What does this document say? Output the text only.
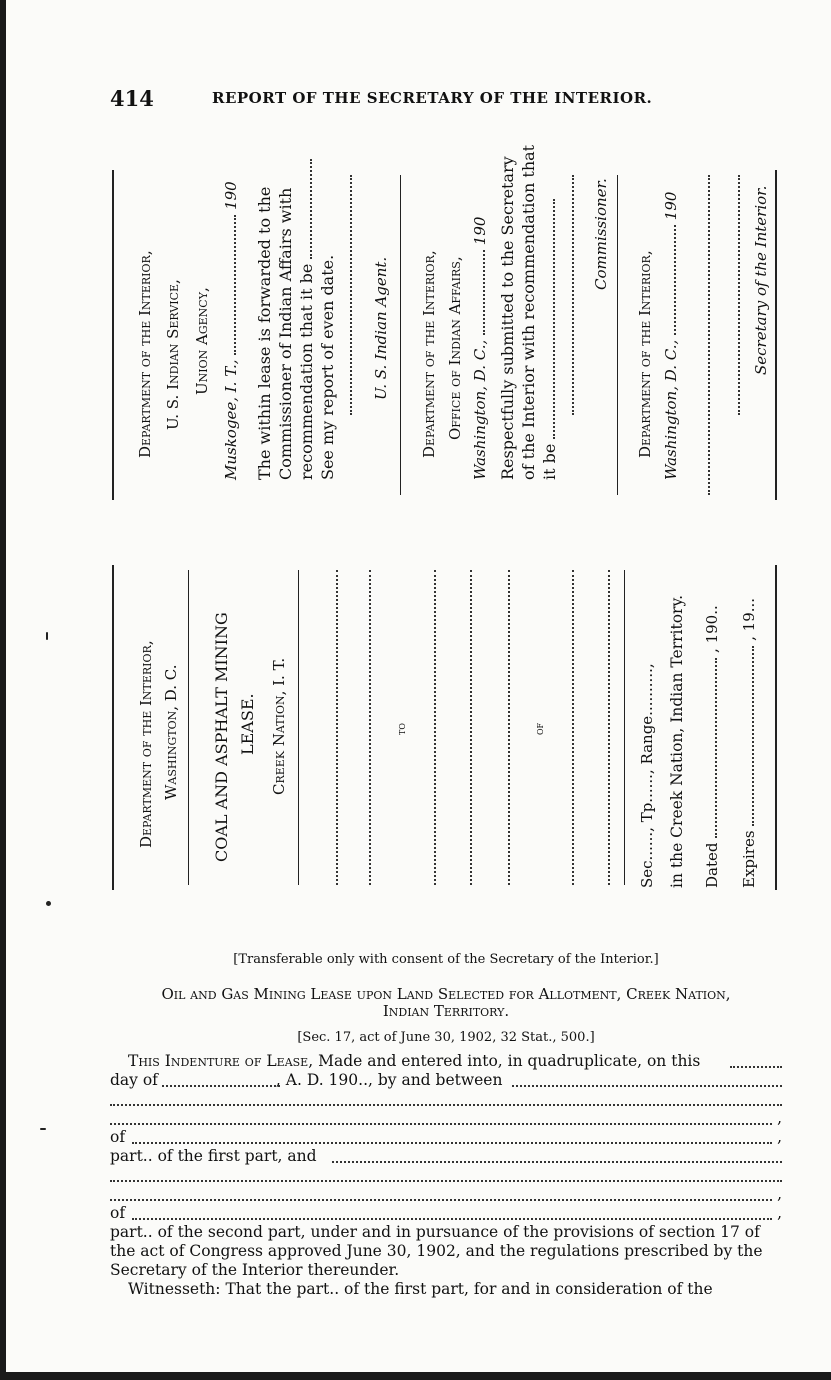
414	REPORT OF THE SECRETARY OF THE INTERIOR.
Department of the Interior, U. S. Indian Service, Union Agency,
Muskogee, I. T.,  190 The within lease is forwarded to the Commissioner of Indian Affairs with recommendation that it be See my report of even date. U. S. Indian Agent. Department of the Interior, Office of Indian Affairs, Washington, D. C.,  190 Respectfully submitted to the Secretary of the Interior with recommendation that it be
Commissioner.
Department of the Interior, Washington, D. C.,  190	Secretary of the Interior.
Department of the Interior, Washington, D. C. COAL AND ASPHALT MINING LEASE. Creek Nation, I. T.	to	of	Sec......, Tp......, Range.........., in the Creek Nation, Indian Territory. Dated  , 190..
Expires  , 19...
[Transferable only with consent of the Secretary of the Interior.]
Oil and Gas Mining Lease upon Land Selected for Allotment, Creek Nation,
Indian Territory.
[Sec. 17, act of June 30, 1902, 32 Stat., 500.]
This Indenture of Lease, Made and entered into, in quadruplicate, on this
day of	, A. D. 190.., by and between
,
of	,
part.. of the first part, and
,
of	,
part.. of the second part, under and in pursuance of the provisions of section 17 of
the act of Congress approved June 30, 1902, and the regulations prescribed by the
Secretary of the Interior thereunder.
Witnesseth: That the part.. of the first part, for and in consideration of the
